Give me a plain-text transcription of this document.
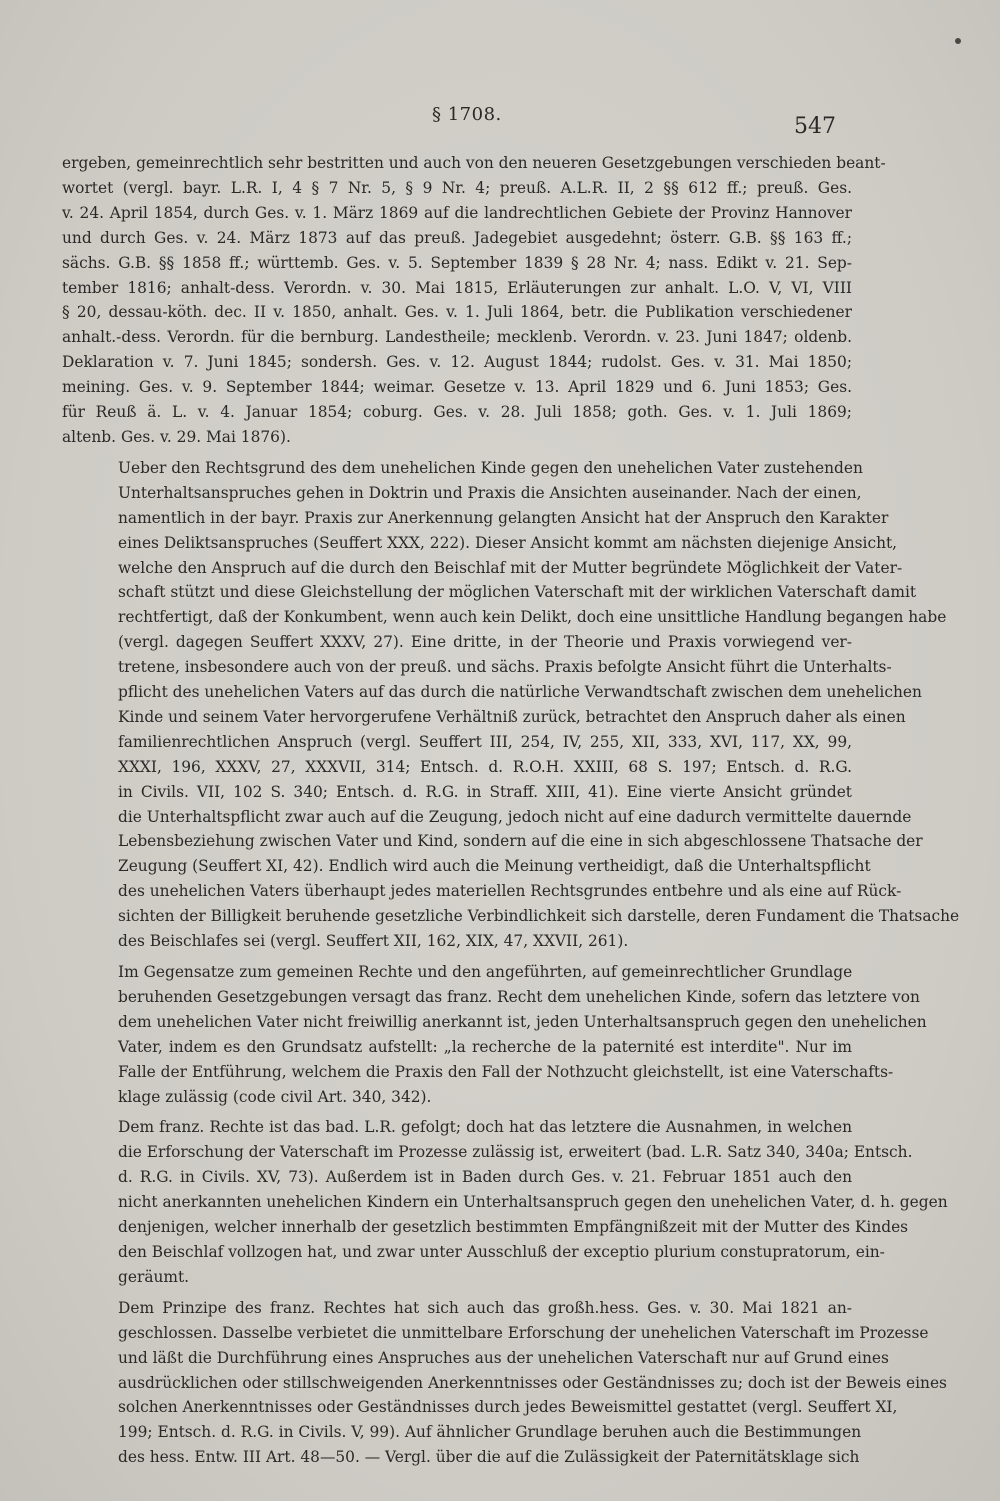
§ 1708.	547

ergeben, gemeinrechtlich sehr bestritten und auch von den neueren Gesetzgebungen verschieden beant-
wortet (vergl. bayr. L.R. I, 4 § 7 Nr. 5, § 9 Nr. 4; preuß. A.L.R. II, 2 §§ 612 ff.; preuß. Ges.
v. 24. April 1854, durch Ges. v. 1. März 1869 auf die landrechtlichen Gebiete der Provinz Hannover
und durch Ges. v. 24. März 1873 auf das preuß. Jadegebiet ausgedehnt; österr. G.B. §§ 163 ff.;
sächs. G.B. §§ 1858 ff.; württemb. Ges. v. 5. September 1839 § 28 Nr. 4; nass. Edikt v. 21. Sep-
tember 1816; anhalt-dess. Verordn. v. 30. Mai 1815, Erläuterungen zur anhalt. L.O. V, VI, VIII
§ 20, dessau-köth. dec. II v. 1850, anhalt. Ges. v. 1. Juli 1864, betr. die Publikation verschiedener
anhalt.-dess. Verordn. für die bernburg. Landestheile; mecklenb. Verordn. v. 23. Juni 1847; oldenb.
Deklaration v. 7. Juni 1845; sondersh. Ges. v. 12. August 1844; rudolst. Ges. v. 31. Mai 1850;
meining. Ges. v. 9. September 1844; weimar. Gesetze v. 13. April 1829 und 6. Juni 1853; Ges.
für Reuß ä. L. v. 4. Januar 1854; coburg. Ges. v. 28. Juli 1858; goth. Ges. v. 1. Juli 1869;
altenb. Ges. v. 29. Mai 1876).

Ueber den Rechtsgrund des dem unehelichen Kinde gegen den unehelichen Vater zustehenden
Unterhaltsanspruches gehen in Doktrin und Praxis die Ansichten auseinander. Nach der einen,
namentlich in der bayr. Praxis zur Anerkennung gelangten Ansicht hat der Anspruch den Karakter
eines Deliktsanspruches (Seuffert XXX, 222). Dieser Ansicht kommt am nächsten diejenige Ansicht,
welche den Anspruch auf die durch den Beischlaf mit der Mutter begründete Möglichkeit der Vater-
schaft stützt und diese Gleichstellung der möglichen Vaterschaft mit der wirklichen Vaterschaft damit
rechtfertigt, daß der Konkumbent, wenn auch kein Delikt, doch eine unsittliche Handlung begangen habe
(vergl. dagegen Seuffert XXXV, 27). Eine dritte, in der Theorie und Praxis vorwiegend ver-
tretene, insbesondere auch von der preuß. und sächs. Praxis befolgte Ansicht führt die Unterhalts-
pflicht des unehelichen Vaters auf das durch die natürliche Verwandtschaft zwischen dem unehelichen
Kinde und seinem Vater hervorgerufene Verhältniß zurück, betrachtet den Anspruch daher als einen
familienrechtlichen Anspruch (vergl. Seuffert III, 254, IV, 255, XII, 333, XVI, 117, XX, 99,
XXXI, 196, XXXV, 27, XXXVII, 314; Entsch. d. R.O.H. XXIII, 68 S. 197; Entsch. d. R.G.
in Civils. VII, 102 S. 340; Entsch. d. R.G. in Straff. XIII, 41). Eine vierte Ansicht gründet
die Unterhaltspflicht zwar auch auf die Zeugung, jedoch nicht auf eine dadurch vermittelte dauernde
Lebensbeziehung zwischen Vater und Kind, sondern auf die eine in sich abgeschlossene Thatsache der
Zeugung (Seuffert XI, 42). Endlich wird auch die Meinung vertheidigt, daß die Unterhaltspflicht
des unehelichen Vaters überhaupt jedes materiellen Rechtsgrundes entbehre und als eine auf Rück-
sichten der Billigkeit beruhende gesetzliche Verbindlichkeit sich darstelle, deren Fundament die Thatsache
des Beischlafes sei (vergl. Seuffert XII, 162, XIX, 47, XXVII, 261).

Im Gegensatze zum gemeinen Rechte und den angeführten, auf gemeinrechtlicher Grundlage
beruhenden Gesetzgebungen versagt das franz. Recht dem unehelichen Kinde, sofern das letztere von
dem unehelichen Vater nicht freiwillig anerkannt ist, jeden Unterhaltsanspruch gegen den unehelichen
Vater, indem es den Grundsatz aufstellt: „la recherche de la paternité est interdite". Nur im
Falle der Entführung, welchem die Praxis den Fall der Nothzucht gleichstellt, ist eine Vaterschafts-
klage zulässig (code civil Art. 340, 342).

Dem franz. Rechte ist das bad. L.R. gefolgt; doch hat das letztere die Ausnahmen, in welchen
die Erforschung der Vaterschaft im Prozesse zulässig ist, erweitert (bad. L.R. Satz 340, 340a; Entsch.
d. R.G. in Civils. XV, 73). Außerdem ist in Baden durch Ges. v. 21. Februar 1851 auch den
nicht anerkannten unehelichen Kindern ein Unterhaltsanspruch gegen den unehelichen Vater, d. h. gegen
denjenigen, welcher innerhalb der gesetzlich bestimmten Empfängnißzeit mit der Mutter des Kindes
den Beischlaf vollzogen hat, und zwar unter Ausschluß der exceptio plurium constupratorum, ein-
geräumt.

Dem Prinzipe des franz. Rechtes hat sich auch das großh.hess. Ges. v. 30. Mai 1821 an-
geschlossen. Dasselbe verbietet die unmittelbare Erforschung der unehelichen Vaterschaft im Prozesse
und läßt die Durchführung eines Anspruches aus der unehelichen Vaterschaft nur auf Grund eines
ausdrücklichen oder stillschweigenden Anerkenntnisses oder Geständnisses zu; doch ist der Beweis eines
solchen Anerkenntnisses oder Geständnisses durch jedes Beweismittel gestattet (vergl. Seuffert XI,
199; Entsch. d. R.G. in Civils. V, 99). Auf ähnlicher Grundlage beruhen auch die Bestimmungen
des hess. Entw. III Art. 48—50. — Vergl. über die auf die Zulässigkeit der Paternitätsklage sich
